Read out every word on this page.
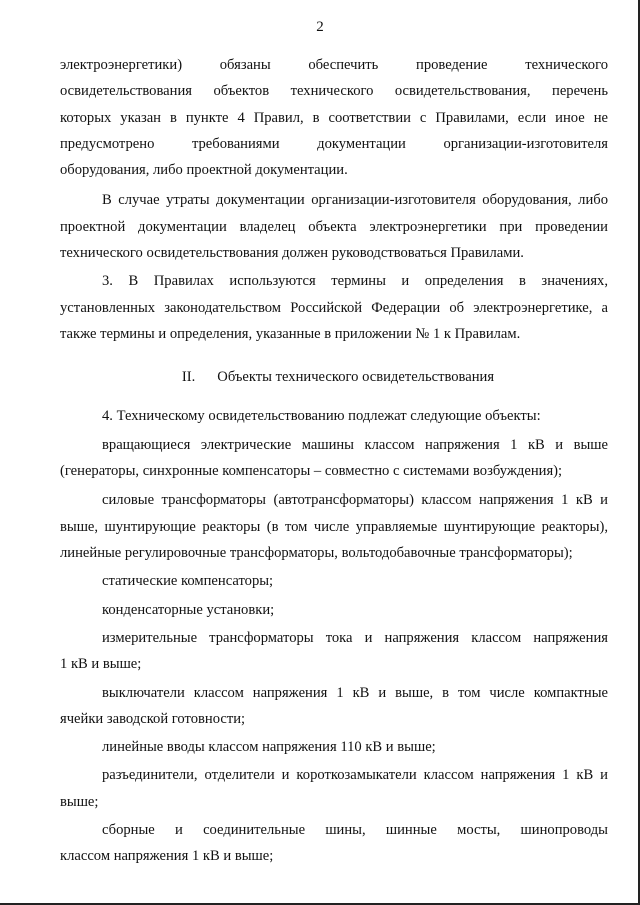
2
электроэнергетики) обязаны обеспечить проведение технического
освидетельствования объектов технического освидетельствования, перечень
которых указан в пункте 4 Правил, в соответствии с Правилами, если иное не
предусмотрено требованиями документации организации-изготовителя
оборудования, либо проектной документации.
В случае утраты документации организации-изготовителя оборудования, либо
проектной документации владелец объекта электроэнергетики при проведении
технического освидетельствования должен руководствоваться Правилами.
3. В Правилах используются термины и определения в значениях,
установленных законодательством Российской Федерации об электроэнергетике, а
также термины и определения, указанные в приложении № 1 к Правилам.
II. Объекты технического освидетельствования
4. Техническому освидетельствованию подлежат следующие объекты:
вращающиеся электрические машины классом напряжения 1 кВ и выше
(генераторы, синхронные компенсаторы – совместно с системами возбуждения);
силовые трансформаторы (автотрансформаторы) классом напряжения 1 кВ и
выше, шунтирующие реакторы (в том числе управляемые шунтирующие реакторы),
линейные регулировочные трансформаторы, вольтодобавочные трансформаторы);
статические компенсаторы;
конденсаторные установки;
измерительные трансформаторы тока и напряжения классом напряжения
1 кВ и выше;
выключатели классом напряжения 1 кВ и выше, в том числе компактные
ячейки заводской готовности;
линейные вводы классом напряжения 110 кВ и выше;
разъединители, отделители и короткозамыкатели классом напряжения 1 кВ и
выше;
сборные и соединительные шины, шинные мосты, шинопроводы
классом напряжения 1 кВ и выше;
